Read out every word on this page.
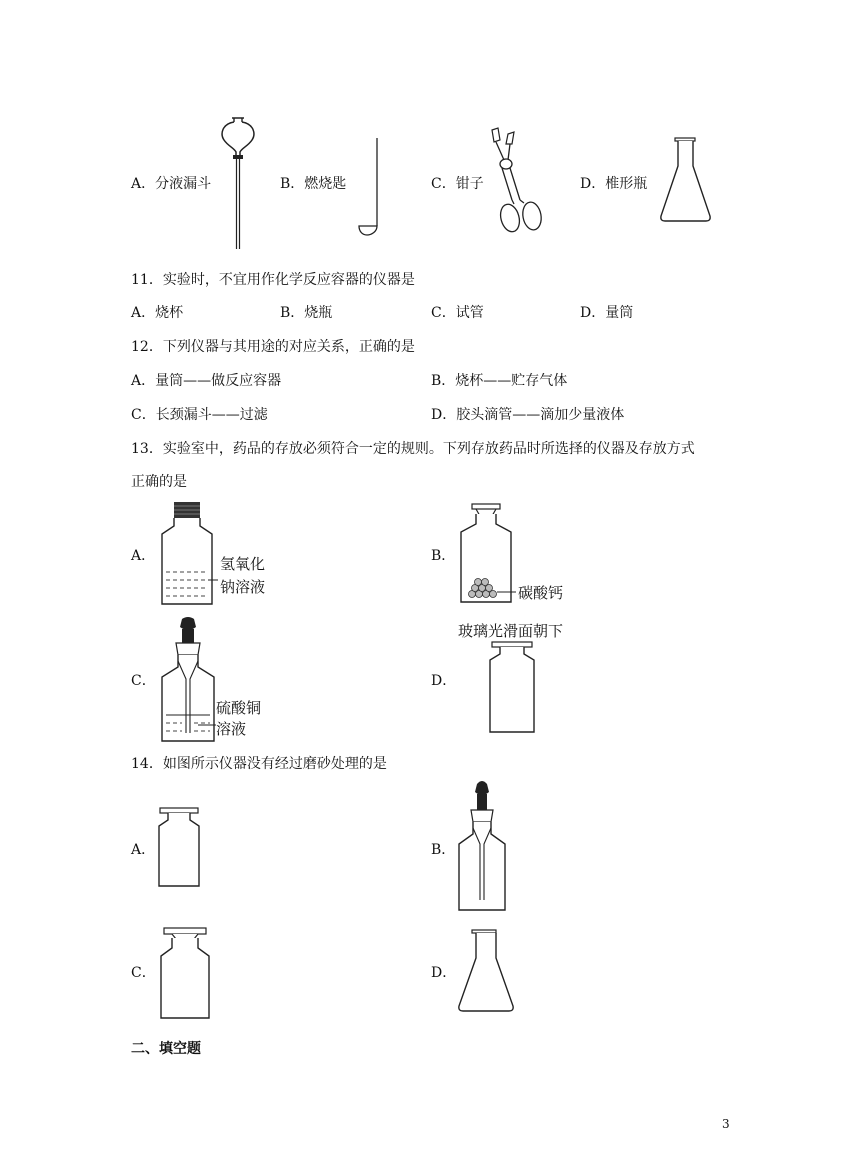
A．分液漏斗	B．燃烧匙	C．钳子	D．椎形瓶
11．实验时，不宜用作化学反应容器的仪器是
A．烧杯	B．烧瓶	C．试管	D．量筒
12．下列仪器与其用途的对应关系，正确的是
A．量筒——做反应容器	B．烧杯——贮存气体
C．长颈漏斗——过滤	D．胶头滴管——滴加少量液体
13．实验室中，药品的存放必须符合一定的规则。下列存放药品时所选择的仪器及存放方式
正确的是
A．	氢氧化
钠溶液
B．
碳酸钙
C．
硫酸铜
溶液
D．
玻璃光滑面朝下
14．如图所示仪器没有经过磨砂处理的是
A．	B．
C．	D．
二、填空题
3
